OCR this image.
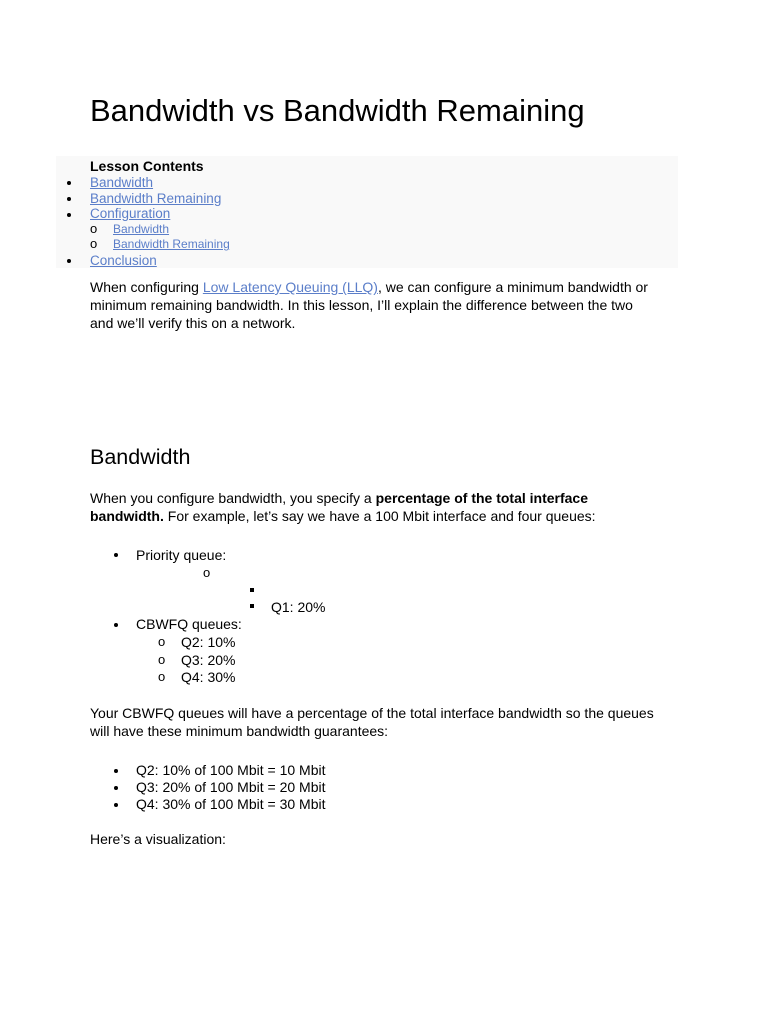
Bandwidth vs Bandwidth Remaining
Lesson Contents
Bandwidth
Bandwidth Remaining
Configuration
o Bandwidth
o Bandwidth Remaining
Conclusion
When configuring Low Latency Queuing (LLQ), we can configure a minimum bandwidth or
minimum remaining bandwidth. In this lesson, I’ll explain the difference between the two
and we’ll verify this on a network.
Bandwidth
When you configure bandwidth, you specify a percentage of the total interface
bandwidth. For example, let’s say we have a 100 Mbit interface and four queues:
Priority queue:
o
Q1: 20%
CBWFQ queues:
o Q2: 10%
o Q3: 20%
o Q4: 30%
Your CBWFQ queues will have a percentage of the total interface bandwidth so the queues
will have these minimum bandwidth guarantees:
Q2: 10% of 100 Mbit = 10 Mbit
Q3: 20% of 100 Mbit = 20 Mbit
Q4: 30% of 100 Mbit = 30 Mbit
Here’s a visualization:
